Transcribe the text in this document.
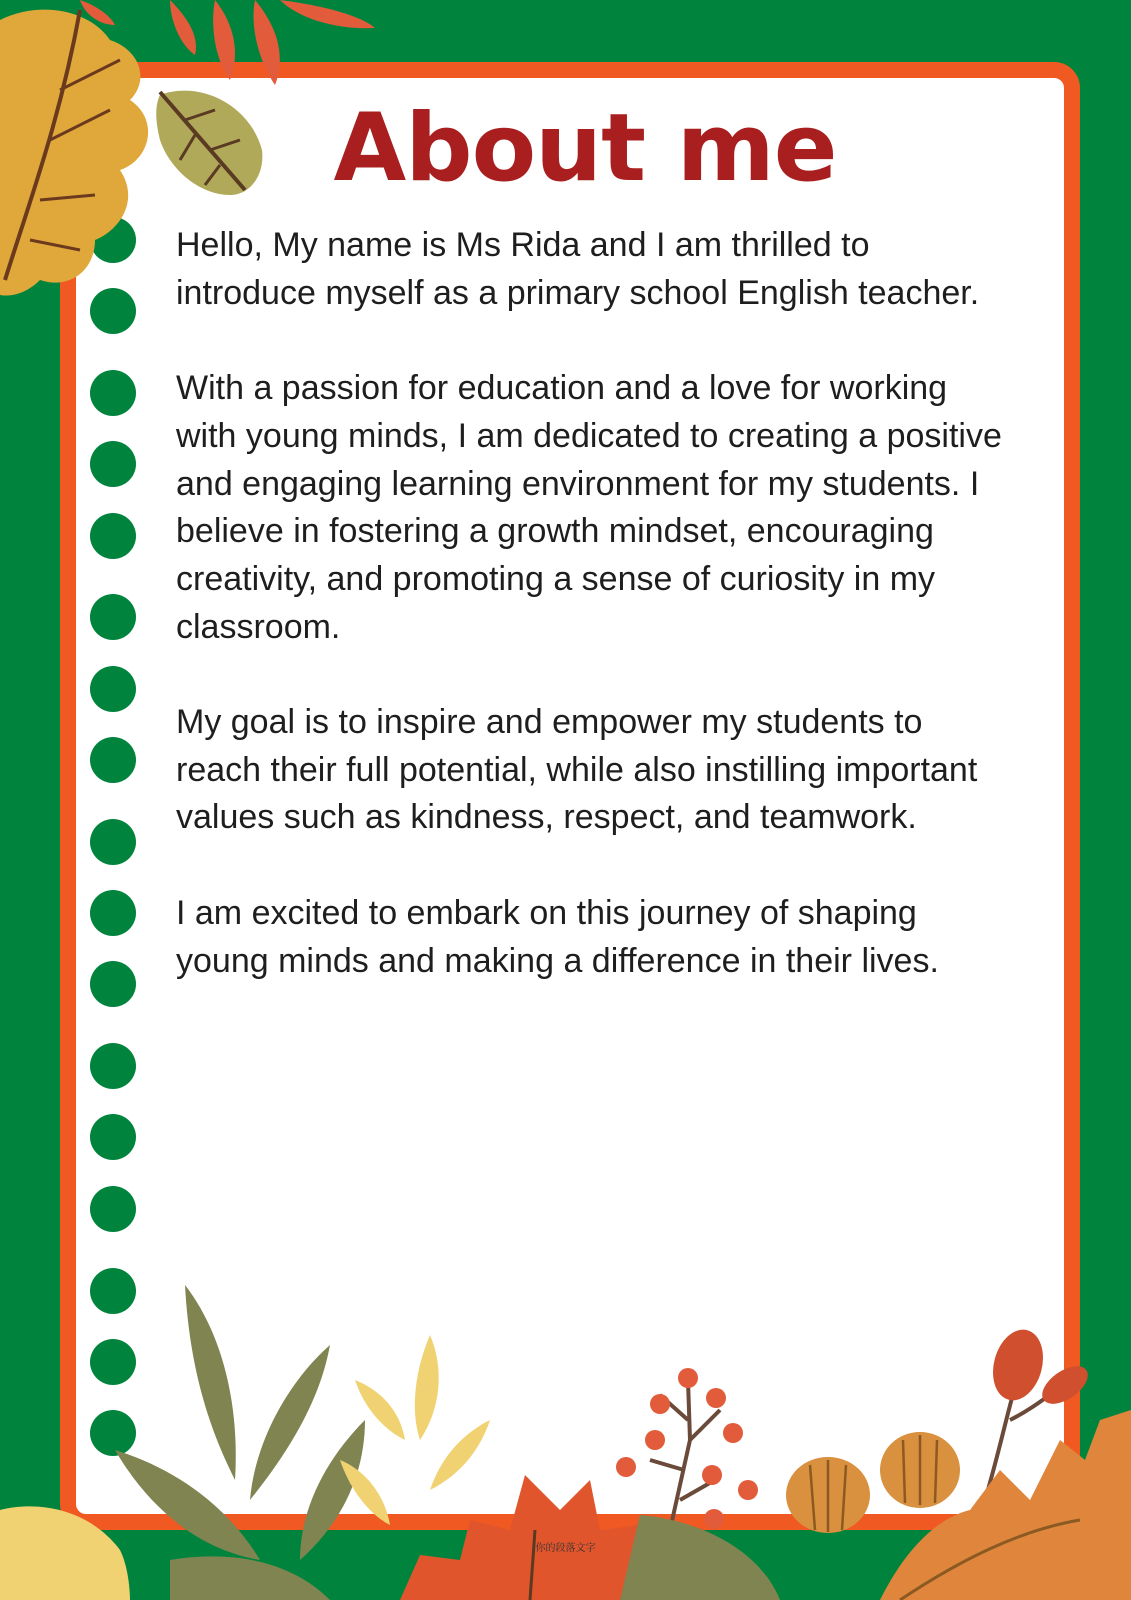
About me

Hello, My name is Ms Rida and I am thrilled to introduce myself as a primary school English teacher.

With a passion for education and a love for working with young minds, I am dedicated to creating a positive and engaging learning environment for my students. I believe in fostering a growth mindset, encouraging creativity, and promoting a sense of curiosity in my classroom.

My goal is to inspire and empower my students to reach their full potential, while also instilling important values such as kindness, respect, and teamwork.

I am excited to embark on this journey of shaping young minds and making a difference in their lives.

你的段落文字
